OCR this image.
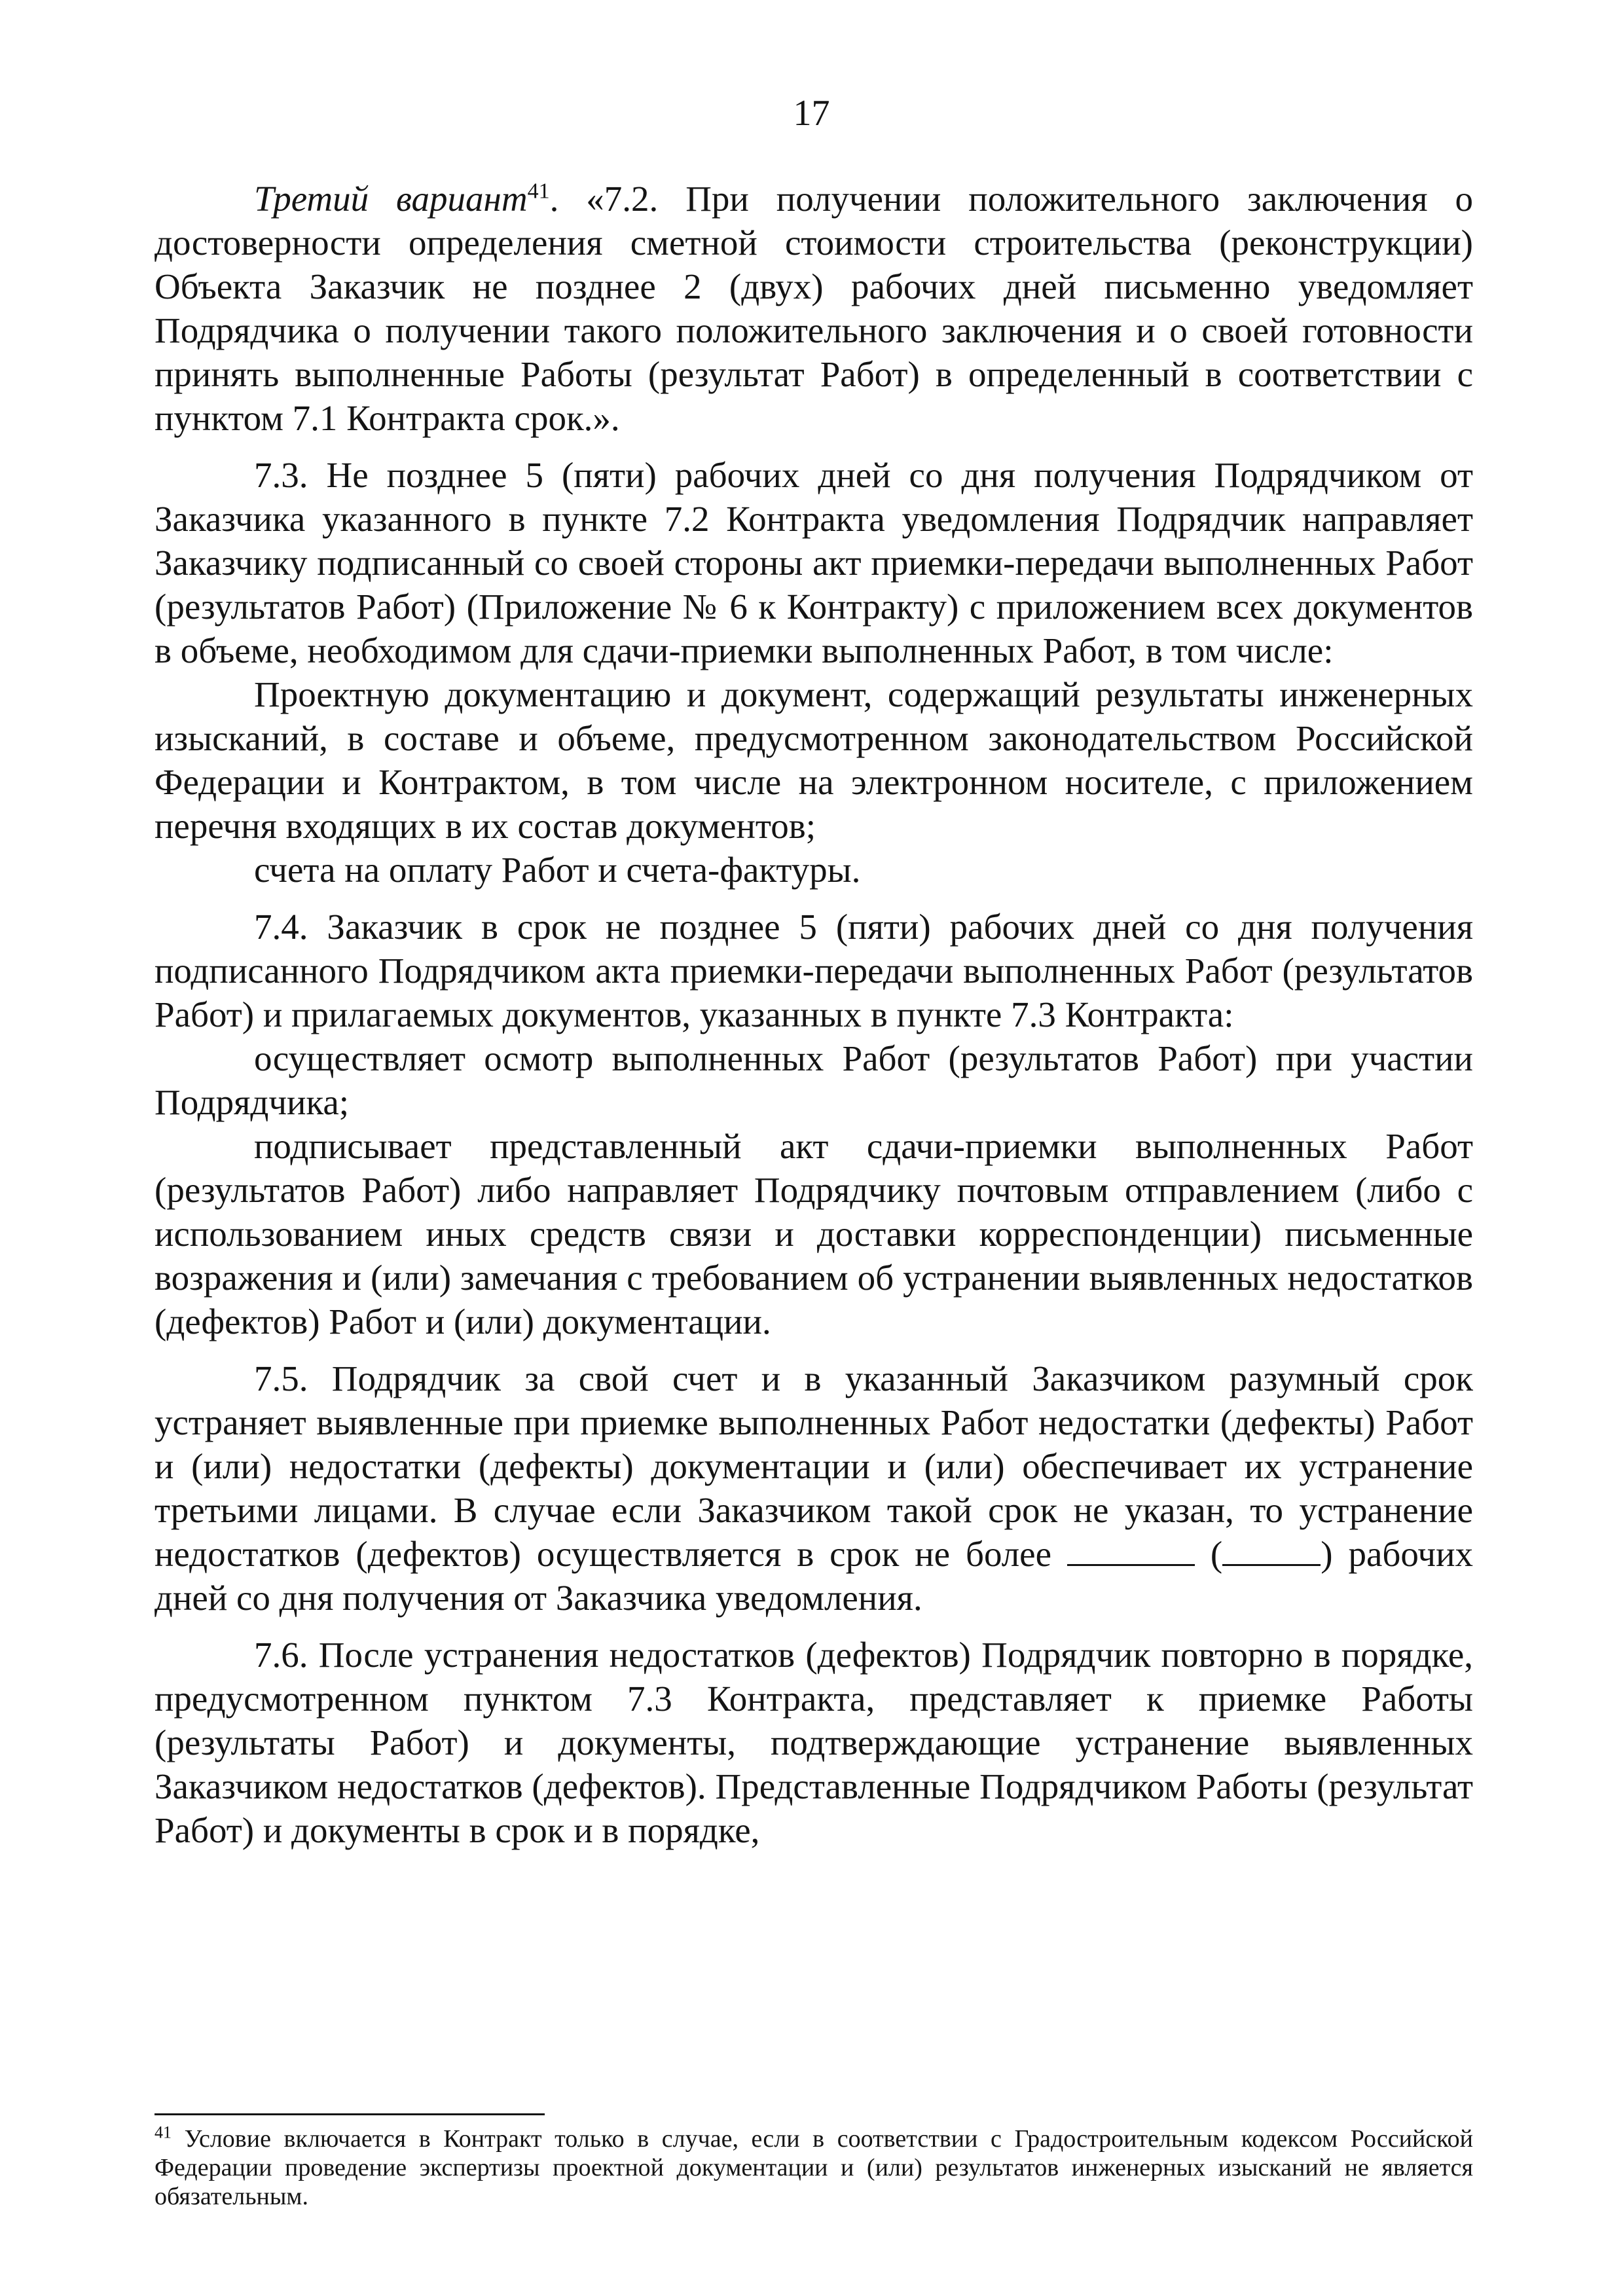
17

Третий вариант$^{41}$. «7.2. При получении положительного заключения о достоверности определения сметной стоимости строительства (реконструкции) Объекта Заказчик не позднее 2 (двух) рабочих дней письменно уведомляет Подрядчика о получении такого положительного заключения и о своей готовности принять выполненные Работы (результат Работ) в определенный в соответствии с пунктом 7.1 Контракта срок.».

7.3. Не позднее 5 (пяти) рабочих дней со дня получения Подрядчиком от Заказчика указанного в пункте 7.2 Контракта уведомления Подрядчик направляет Заказчику подписанный со своей стороны акт приемки-передачи выполненных Работ (результатов Работ) (Приложение № 6 к Контракту) с приложением всех документов в объеме, необходимом для сдачи-приемки выполненных Работ, в том числе:

Проектную документацию и документ, содержащий результаты инженерных изысканий, в составе и объеме, предусмотренном законодательством Российской Федерации и Контрактом, в том числе на электронном носителе, с приложением перечня входящих в их состав документов;

счета на оплату Работ и счета-фактуры.

7.4. Заказчик в срок не позднее 5 (пяти) рабочих дней со дня получения подписанного Подрядчиком акта приемки-передачи выполненных Работ (результатов Работ) и прилагаемых документов, указанных в пункте 7.3 Контракта:

осуществляет осмотр выполненных Работ (результатов Работ) при участии Подрядчика;

подписывает представленный акт сдачи-приемки выполненных Работ (результатов Работ) либо направляет Подрядчику почтовым отправлением (либо с использованием иных средств связи и доставки корреспонденции) письменные возражения и (или) замечания с требованием об устранении выявленных недостатков (дефектов) Работ и (или) документации.

7.5. Подрядчик за свой счет и в указанный Заказчиком разумный срок устраняет выявленные при приемке выполненных Работ недостатки (дефекты) Работ и (или) недостатки (дефекты) документации и (или) обеспечивает их устранение третьими лицами. В случае если Заказчиком такой срок не указан, то устранение недостатков (дефектов) осуществляется в срок не более	(	) рабочих дней со дня получения от Заказчика уведомления.

7.6. После устранения недостатков (дефектов) Подрядчик повторно в порядке, предусмотренном пунктом 7.3 Контракта, представляет к приемке Работы (результаты Работ) и документы, подтверждающие устранение выявленных Заказчиком недостатков (дефектов). Представленные Подрядчиком Работы (результат Работ) и документы в срок и в порядке,

$^{41}$ Условие включается в Контракт только в случае, если в соответствии с Градостроительным кодексом Российской Федерации проведение экспертизы проектной документации и (или) результатов инженерных изысканий не является обязательным.
